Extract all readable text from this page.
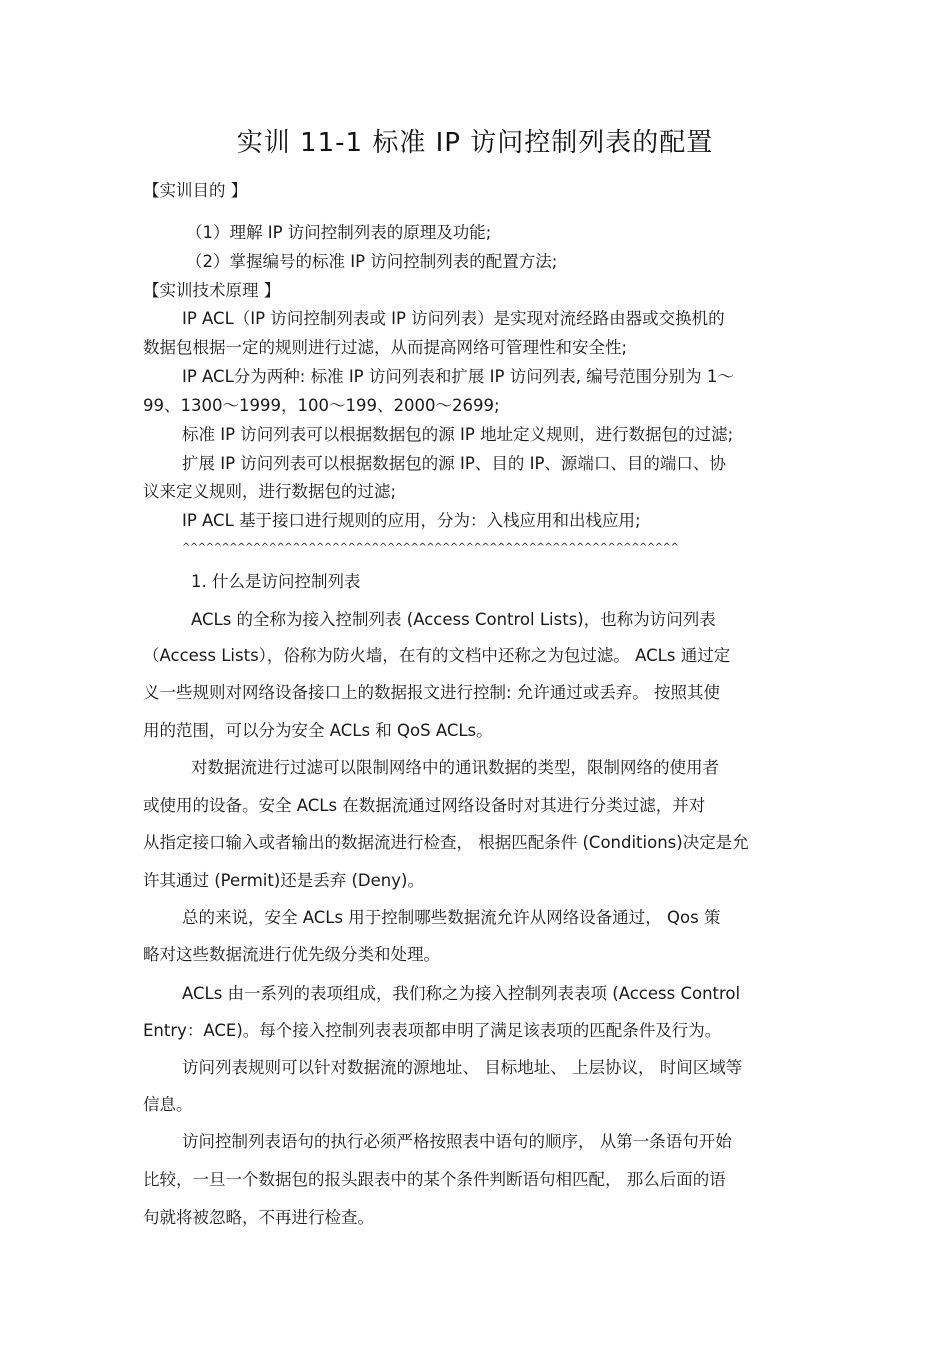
实训 11-1 标准 IP 访问控制列表的配置
【实训目的 】
（1）理解 IP 访问控制列表的原理及功能;
（2）掌握编号的标准 IP 访问控制列表的配置方法;
【实训技术原理 】
IP ACL（IP 访问控制列表或 IP 访问列表）是实现对流经路由器或交换机的
数据包根据一定的规则进行过滤，从而提高网络可管理性和安全性;
IP ACL分为两种: 标准 IP 访问列表和扩展 IP 访问列表, 编号范围分别为 1～
99、1300～1999，100～199、2000～2699;
标准 IP 访问列表可以根据数据包的源 IP 地址定义规则，进行数据包的过滤;
扩展 IP 访问列表可以根据数据包的源 IP、目的 IP、源端口、目的端口、协
议来定义规则，进行数据包的过滤;
IP ACL 基于接口进行规则的应用，分为：入栈应用和出栈应用;
^^^^^^^^^^^^^^^^^^^^^^^^^^^^^^^^^^^^^^^^^^^^^^^^^^^^^^^^^^^^^^^
1. 什么是访问控制列表
ACLs 的全称为接入控制列表 (Access Control Lists)，也称为访问列表
（Access Lists），俗称为防火墙，在有的文档中还称之为包过滤。 ACLs 通过定
义一些规则对网络设备接口上的数据报文进行控制: 允许通过或丢弃。 按照其使
用的范围，可以分为安全 ACLs 和 QoS ACLs。
对数据流进行过滤可以限制网络中的通讯数据的类型，限制网络的使用者
或使用的设备。安全 ACLs 在数据流通过网络设备时对其进行分类过滤，并对
从指定接口输入或者输出的数据流进行检查， 根据匹配条件 (Conditions)决定是允
许其通过 (Permit)还是丢弃 (Deny)。
总的来说，安全 ACLs 用于控制哪些数据流允许从网络设备通过， Qos 策
略对这些数据流进行优先级分类和处理。
ACLs 由一系列的表项组成，我们称之为接入控制列表表项 (Access Control
Entry：ACE)。每个接入控制列表表项都申明了满足该表项的匹配条件及行为。
访问列表规则可以针对数据流的源地址、 目标地址、 上层协议， 时间区域等
信息。
访问控制列表语句的执行必须严格按照表中语句的顺序， 从第一条语句开始
比较，一旦一个数据包的报头跟表中的某个条件判断语句相匹配， 那么后面的语
句就将被忽略，不再进行检查。
